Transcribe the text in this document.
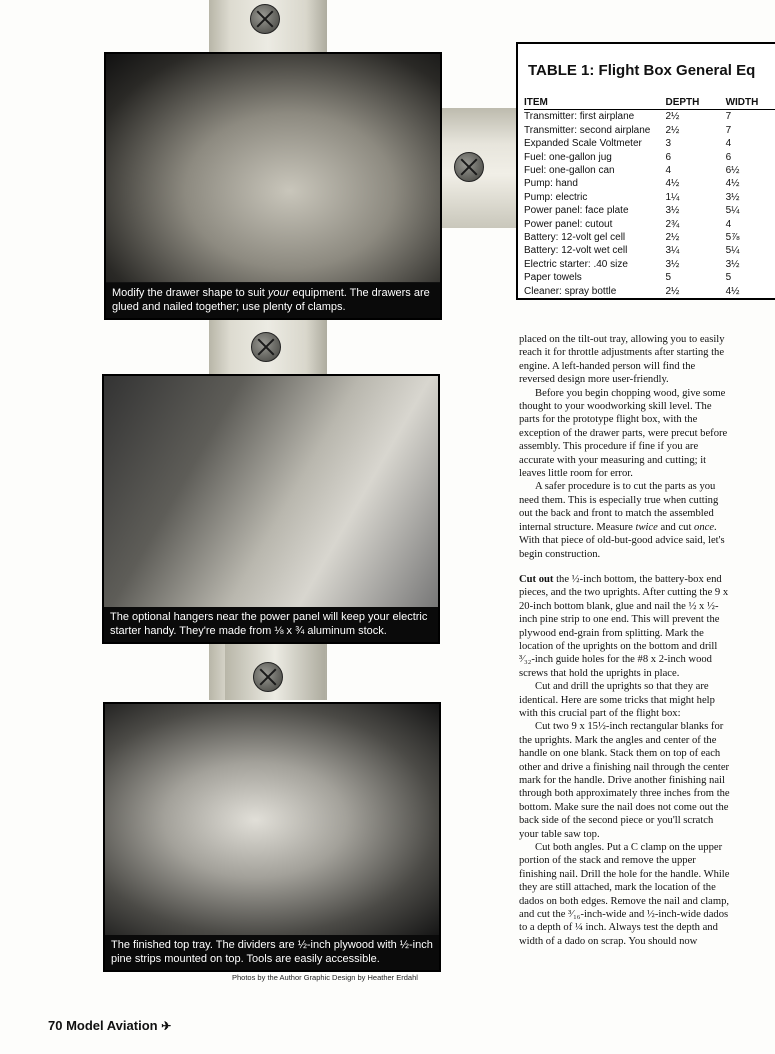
Modify the drawer shape to suit your equipment. The drawers are glued and nailed together; use plenty of clamps.
TABLE 1: Flight Box General Eq
ITEM	DEPTH	WIDTH
Transmitter: first airplane	2½	7
Transmitter: second airplane	2½	7
Expanded Scale Voltmeter	3	4
Fuel: one-gallon jug	6	6
Fuel: one-gallon can	4	6½
Pump: hand	4½	4½
Pump: electric	1¼	3½
Power panel: face plate	3½	5¼
Power panel: cutout	2¾	4
Battery: 12-volt gel cell	2½	5⅞
Battery: 12-volt wet cell	3¼	5¼
Electric starter: .40 size	3½	3½
Paper towels	5	5
Cleaner: spray bottle	2½	4½
The optional hangers near the power panel will keep your electric starter handy. They're made from ⅛ x ¾ aluminum stock.
The finished top tray. The dividers are ½-inch plywood with ½-inch pine strips mounted on top. Tools are easily accessible.
Photos by the Author Graphic Design by Heather Erdahl

placed on the tilt-out tray, allowing you to easily reach it for throttle adjustments after starting the engine. A left-handed person will find the reversed design more user-friendly.

Before you begin chopping wood, give some thought to your woodworking skill level. The parts for the prototype flight box, with the exception of the drawer parts, were precut before assembly. This procedure if fine if you are accurate with your measuring and cutting; it leaves little room for error.

A safer procedure is to cut the parts as you need them. This is especially true when cutting out the back and front to match the assembled internal structure. Measure twice and cut once. With that piece of old-but-good advice said, let's begin construction.

Cut out the ½-inch bottom, the battery-box end pieces, and the two uprights. After cutting the 9 x 20-inch bottom blank, glue and nail the ½ x ½-inch pine strip to one end. This will prevent the plywood end-grain from splitting. Mark the location of the uprights on the bottom and drill ³⁄₃₂-inch guide holes for the #8 x 2-inch wood screws that hold the uprights in place.

Cut and drill the uprights so that they are identical. Here are some tricks that might help with this crucial part of the flight box:

Cut two 9 x 15½-inch rectangular blanks for the uprights. Mark the angles and center of the handle on one blank. Stack them on top of each other and drive a finishing nail through the center mark for the handle. Drive another finishing nail through both approximately three inches from the bottom. Make sure the nail does not come out the back side of the second piece or you'll scratch your table saw top.

Cut both angles. Put a C clamp on the upper portion of the stack and remove the upper finishing nail. Drill the hole for the handle. While they are still attached, mark the location of the dados on both edges. Remove the nail and clamp, and cut the ³⁄₁₆-inch-wide and ½-inch-wide dados to a depth of ¼ inch. Always test the depth and width of a dado on scrap. You should now

70 Model Aviation ✈
